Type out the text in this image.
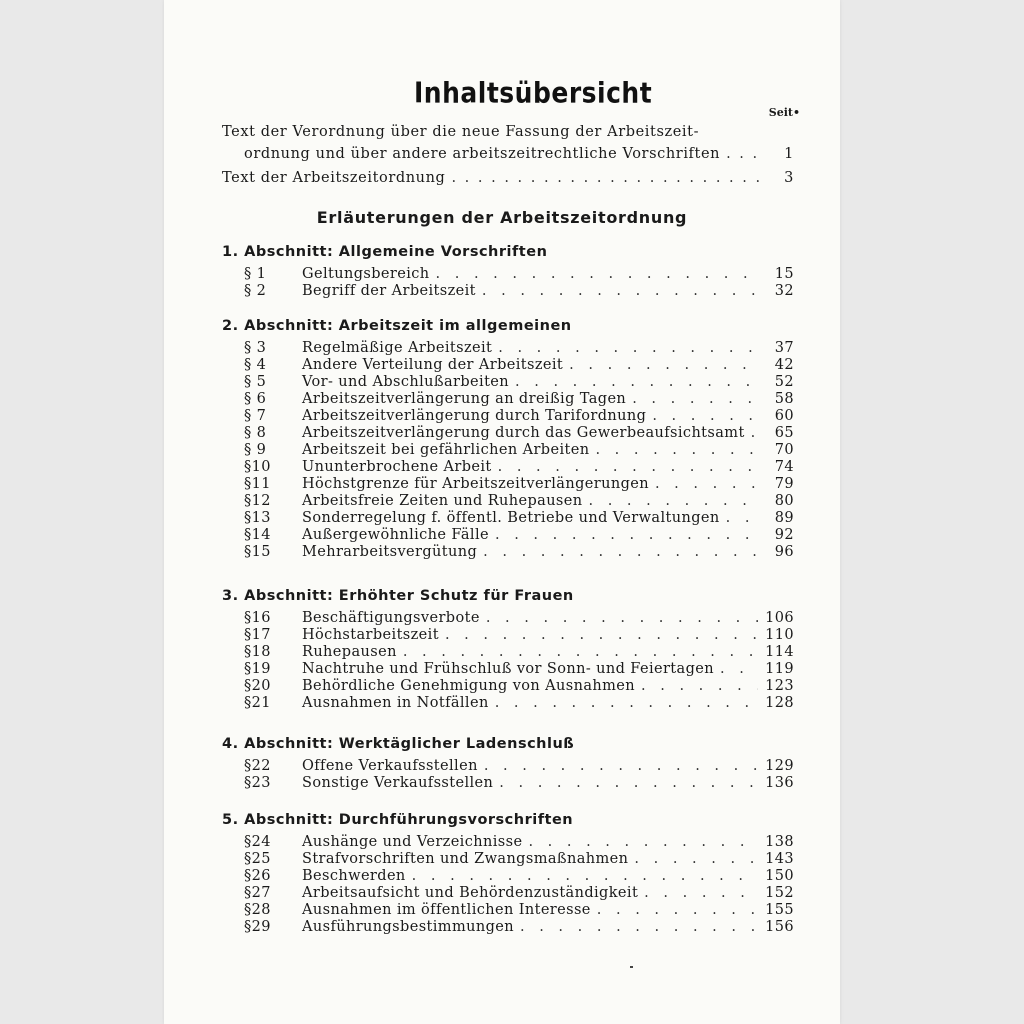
Inhaltsübersicht
Seit•
Text der Verordnung über die neue Fassung der Arbeitszeit-
ordnung und über andere arbeitszeitrechtliche Vorschriften . . .	1
Text der Arbeitszeitordnung . . .	3
Erläuterungen der Arbeitszeitordnung
1. Abschnitt: Allgemeine Vorschriften
§ 1	Geltungsbereich . . .	15
§ 2	Begriff der Arbeitszeit . . .	32
2. Abschnitt: Arbeitszeit im allgemeinen
§ 3	Regelmäßige Arbeitszeit . . .	37
§ 4	Andere Verteilung der Arbeitszeit . . .	42
§ 5	Vor- und Abschlußarbeiten . . .	52
§ 6	Arbeitszeitverlängerung an dreißig Tagen . . .	58
§ 7	Arbeitszeitverlängerung durch Tarifordnung . . .	60
§ 8	Arbeitszeitverlängerung durch das Gewerbeaufsichtsamt . . .	65
§ 9	Arbeitszeit bei gefährlichen Arbeiten . . .	70
§10	Ununterbrochene Arbeit . . .	74
§11	Höchstgrenze für Arbeitszeitverlängerungen . . .	79
§12	Arbeitsfreie Zeiten und Ruhepausen . . .	80
§13	Sonderregelung f. öffentl. Betriebe und Verwaltungen . . .	89
§14	Außergewöhnliche Fälle . . .	92
§15	Mehrarbeitsvergütung . . .	96
3. Abschnitt: Erhöhter Schutz für Frauen
§16	Beschäftigungsverbote . . .	106
§17	Höchstarbeitszeit . . .	110
§18	Ruhepausen . . .	114
§19	Nachtruhe und Frühschluß vor Sonn- und Feiertagen . . .	119
§20	Behördliche Genehmigung von Ausnahmen . . .	123
§21	Ausnahmen in Notfällen . . .	128
4. Abschnitt: Werktäglicher Ladenschluß
§22	Offene Verkaufsstellen . . .	129
§23	Sonstige Verkaufsstellen . . .	136
5. Abschnitt: Durchführungsvorschriften
§24	Aushänge und Verzeichnisse . . .	138
§25	Strafvorschriften und Zwangsmaßnahmen . . .	143
§26	Beschwerden . . .	150
§27	Arbeitsaufsicht und Behördenzuständigkeit . . .	152
§28	Ausnahmen im öffentlichen Interesse . . .	155
§29	Ausführungsbestimmungen . . .	156
